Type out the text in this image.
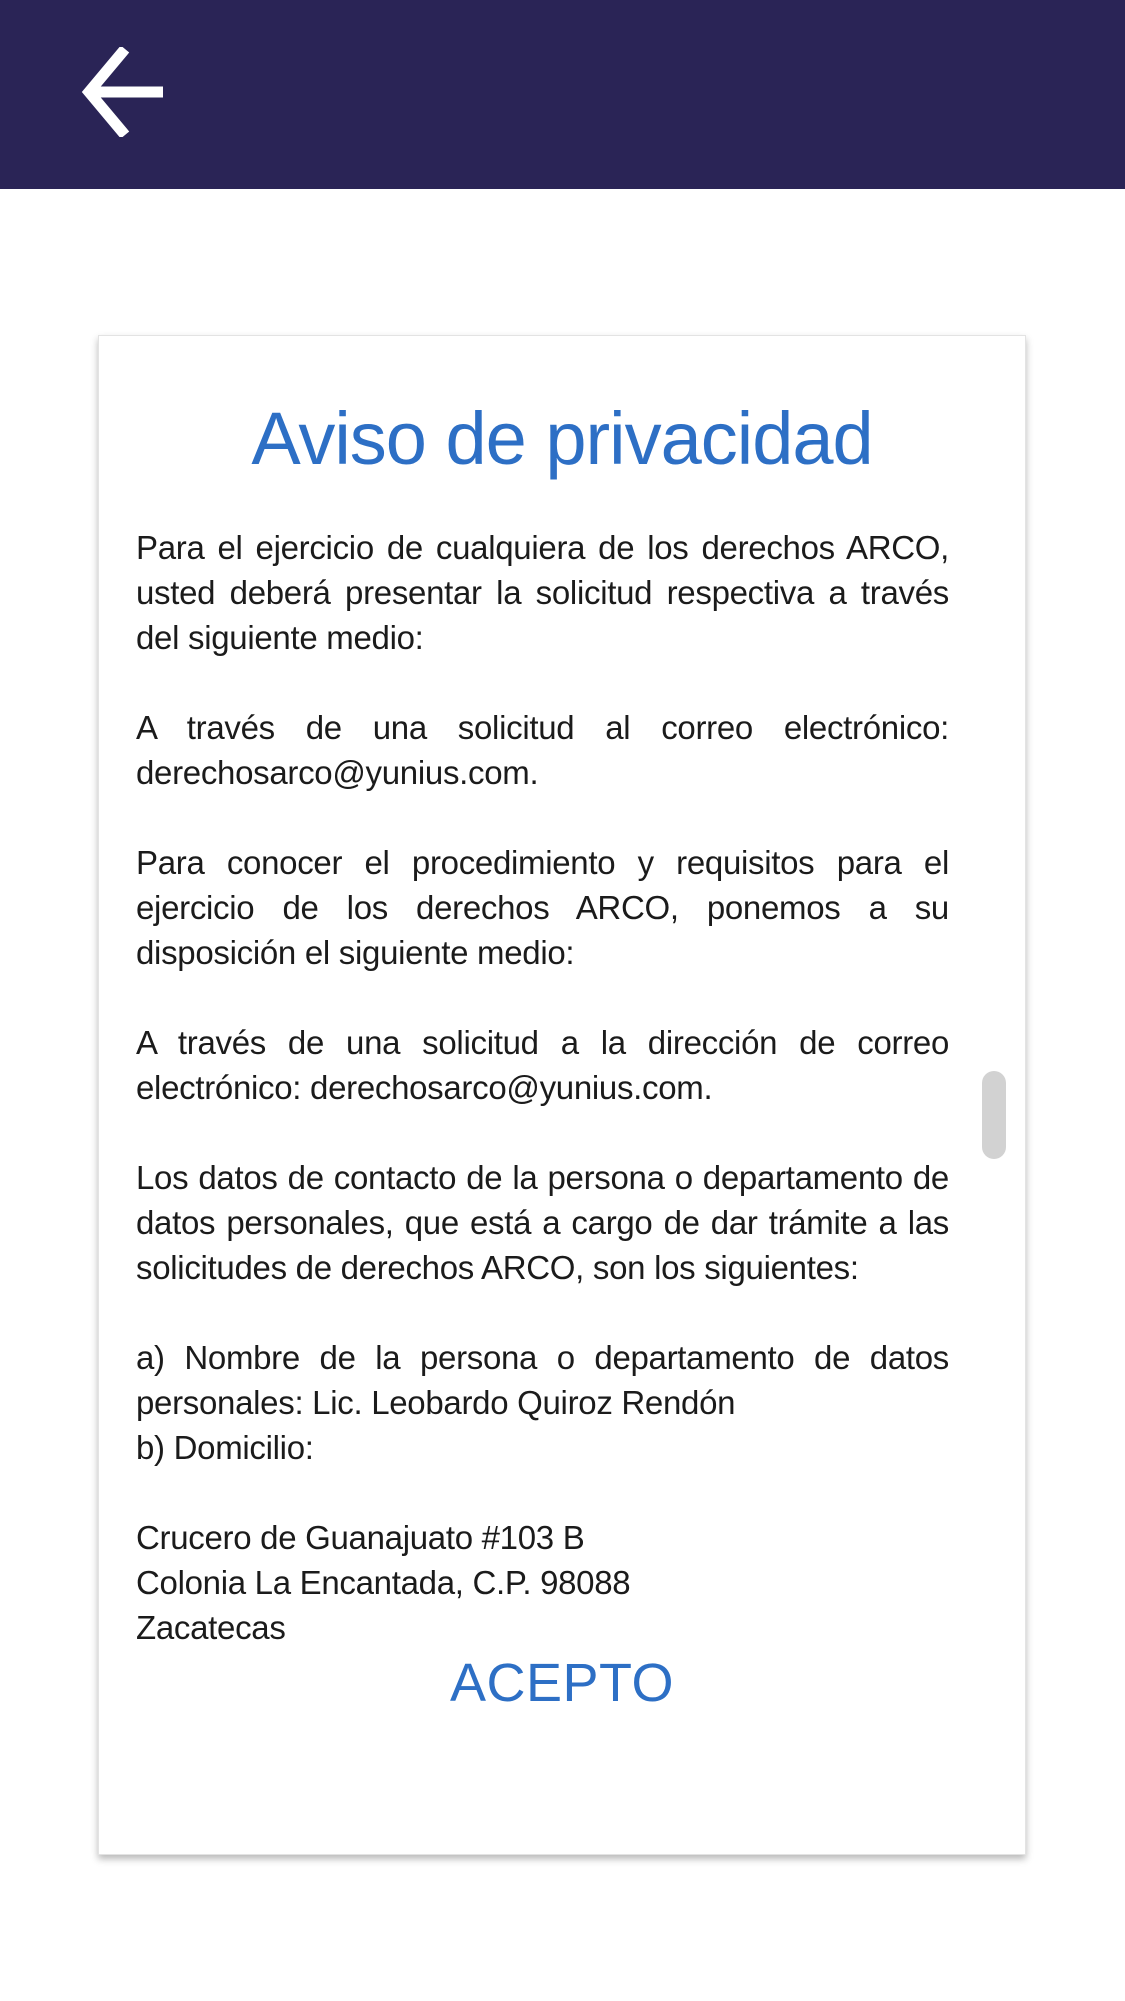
Aviso de privacidad

Para el ejercicio de cualquiera de los derechos ARCO, usted deberá presentar la solicitud respectiva a través del siguiente medio:

A través de una solicitud al correo electrónico: derechosarco@yunius.com.

Para conocer el procedimiento y requisitos para el ejercicio de los derechos ARCO, ponemos a su disposición el siguiente medio:

A través de una solicitud a la dirección de correo electrónico: derechosarco@yunius.com.

Los datos de contacto de la persona o departamento de datos personales, que está a cargo de dar trámite a las solicitudes de derechos ARCO, son los siguientes:

a) Nombre de la persona o departamento de datos personales: Lic. Leobardo Quiroz Rendón
b) Domicilio:

Crucero de Guanajuato #103 B
Colonia La Encantada, C.P. 98088
Zacatecas

ACEPTO
